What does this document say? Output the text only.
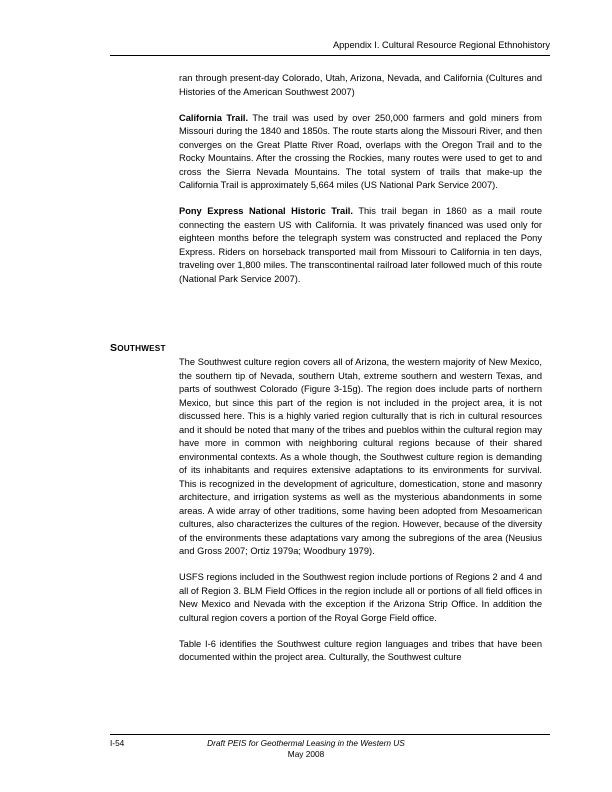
Appendix I. Cultural Resource Regional Ethnohistory

ran through present-day Colorado, Utah, Arizona, Nevada, and California (Cultures and Histories of the American Southwest 2007)

California Trail. The trail was used by over 250,000 farmers and gold miners from Missouri during the 1840 and 1850s. The route starts along the Missouri River, and then converges on the Great Platte River Road, overlaps with the Oregon Trail and to the Rocky Mountains. After the crossing the Rockies, many routes were used to get to and cross the Sierra Nevada Mountains. The total system of trails that make-up the California Trail is approximately 5,664 miles (US National Park Service 2007).

Pony Express National Historic Trail. This trail began in 1860 as a mail route connecting the eastern US with California. It was privately financed was used only for eighteen months before the telegraph system was constructed and replaced the Pony Express. Riders on horseback transported mail from Missouri to California in ten days, traveling over 1,800 miles. The transcontinental railroad later followed much of this route (National Park Service 2007).

SOUTHWEST

The Southwest culture region covers all of Arizona, the western majority of New Mexico, the southern tip of Nevada, southern Utah, extreme southern and western Texas, and parts of southwest Colorado (Figure 3-15g). The region does include parts of northern Mexico, but since this part of the region is not included in the project area, it is not discussed here. This is a highly varied region culturally that is rich in cultural resources and it should be noted that many of the tribes and pueblos within the cultural region may have more in common with neighboring cultural regions because of their shared environmental contexts. As a whole though, the Southwest culture region is demanding of its inhabitants and requires extensive adaptations to its environments for survival. This is recognized in the development of agriculture, domestication, stone and masonry architecture, and irrigation systems as well as the mysterious abandonments in some areas. A wide array of other traditions, some having been adopted from Mesoamerican cultures, also characterizes the cultures of the region. However, because of the diversity of the environments these adaptations vary among the subregions of the area (Neusius and Gross 2007; Ortiz 1979a; Woodbury 1979).

USFS regions included in the Southwest region include portions of Regions 2 and 4 and all of Region 3. BLM Field Offices in the region include all or portions of all field offices in New Mexico and Nevada with the exception if the Arizona Strip Office. In addition the cultural region covers a portion of the Royal Gorge Field office.

Table I-6 identifies the Southwest culture region languages and tribes that have been documented within the project area. Culturally, the Southwest culture

I-54	Draft PEIS for Geothermal Leasing in the Western US
May 2008
